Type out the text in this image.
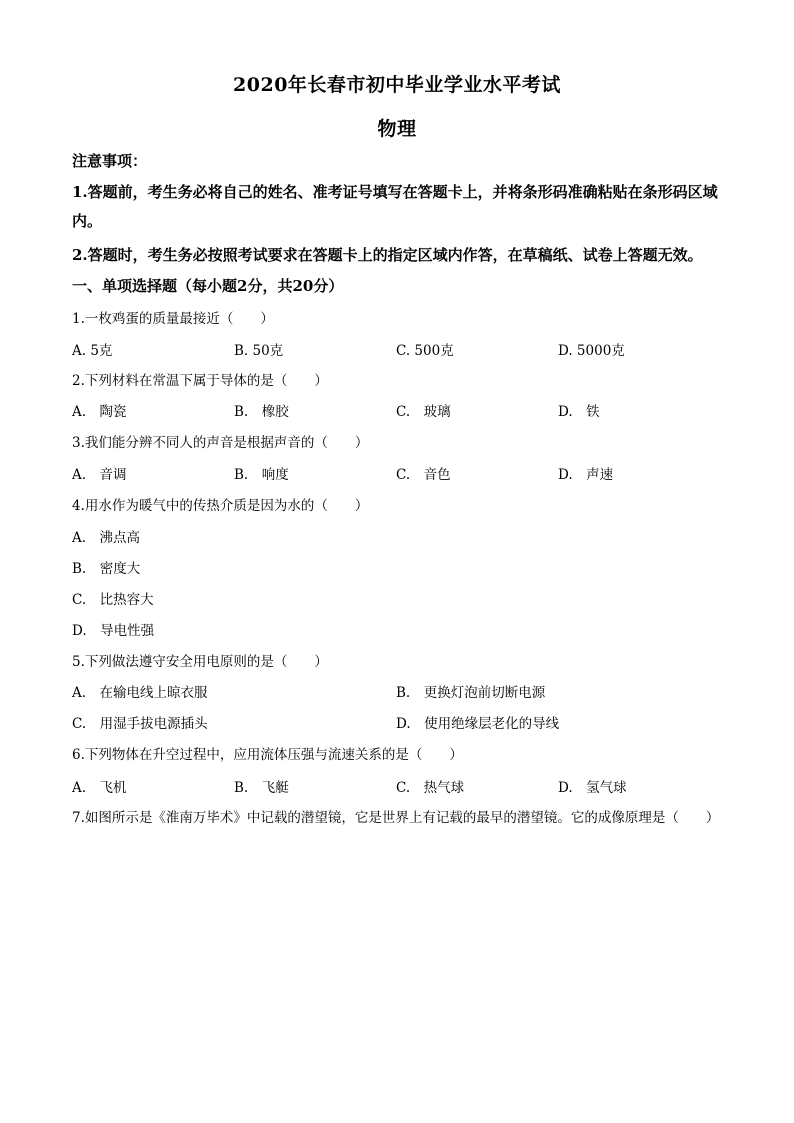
2020年长春市初中毕业学业水平考试
物理
注意事项：
1.答题前，考生务必将自己的姓名、准考证号填写在答题卡上，并将条形码准确粘贴在条形码区域内。
2.答题时，考生务必按照考试要求在答题卡上的指定区域内作答，在草稿纸、试卷上答题无效。
一、单项选择题（每小题2分，共20分）
1.一枚鸡蛋的质量最接近（　　）
A. 5克	B. 50克	C. 500克	D. 5000克
2.下列材料在常温下属于导体的是（　　）
A.　陶瓷	B.　橡胶	C.　玻璃	D.　铁
3.我们能分辨不同人的声音是根据声音的（　　）
A.　音调	B.　响度	C.　音色	D.　声速
4.用水作为暖气中的传热介质是因为水的（　　）
A.　沸点高
B.　密度大
C.　比热容大
D.　导电性强
5.下列做法遵守安全用电原则的是（　　）
A.　在输电线上晾衣服	B.　更换灯泡前切断电源
C.　用湿手拔电源插头	D.　使用绝缘层老化的导线
6.下列物体在升空过程中，应用流体压强与流速关系的是（　　）
A.　飞机	B.　飞艇	C.　热气球	D.　氢气球
7.如图所示是《淮南万毕术》中记载的潜望镜，它是世界上有记载的最早的潜望镜。它的成像原理是（　　）
